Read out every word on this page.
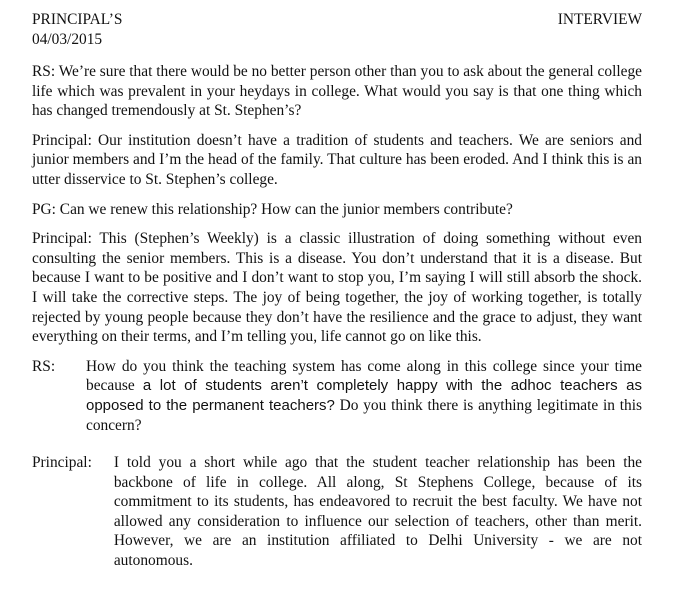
PRINCIPAL’S
04/03/2015
INTERVIEW

RS: We’re sure that there would be no better person other than you to ask about the general college life which was prevalent in your heydays in college. What would you say is that one thing which has changed tremendously at St. Stephen’s?

Principal: Our institution doesn’t have a tradition of students and teachers. We are seniors and junior members and I’m the head of the family. That culture has been eroded. And I think this is an utter disservice to St. Stephen’s college.

PG: Can we renew this relationship? How can the junior members contribute?

Principal: This (Stephen’s Weekly) is a classic illustration of doing something without even consulting the senior members. This is a disease. You don’t understand that it is a disease. But because I want to be positive and I don’t want to stop you, I’m saying I will still absorb the shock. I will take the corrective steps. The joy of being together, the joy of working together, is totally rejected by young people because they don’t have the resilience and the grace to adjust, they want everything on their terms, and I’m telling you, life cannot go on like this.

RS:	How do you think the teaching system has come along in this college since your time because a lot of students aren’t completely happy with the adhoc teachers as opposed to the permanent teachers? Do you think there is anything legitimate in this concern?
Principal:	I told you a short while ago that the student teacher relationship has been the backbone of life in college. All along, St Stephens College, because of its commitment to its students, has endeavored to recruit the best faculty. We have not allowed any consideration to influence our selection of teachers, other than merit. However, we are an institution affiliated to Delhi University - we are not autonomous.
